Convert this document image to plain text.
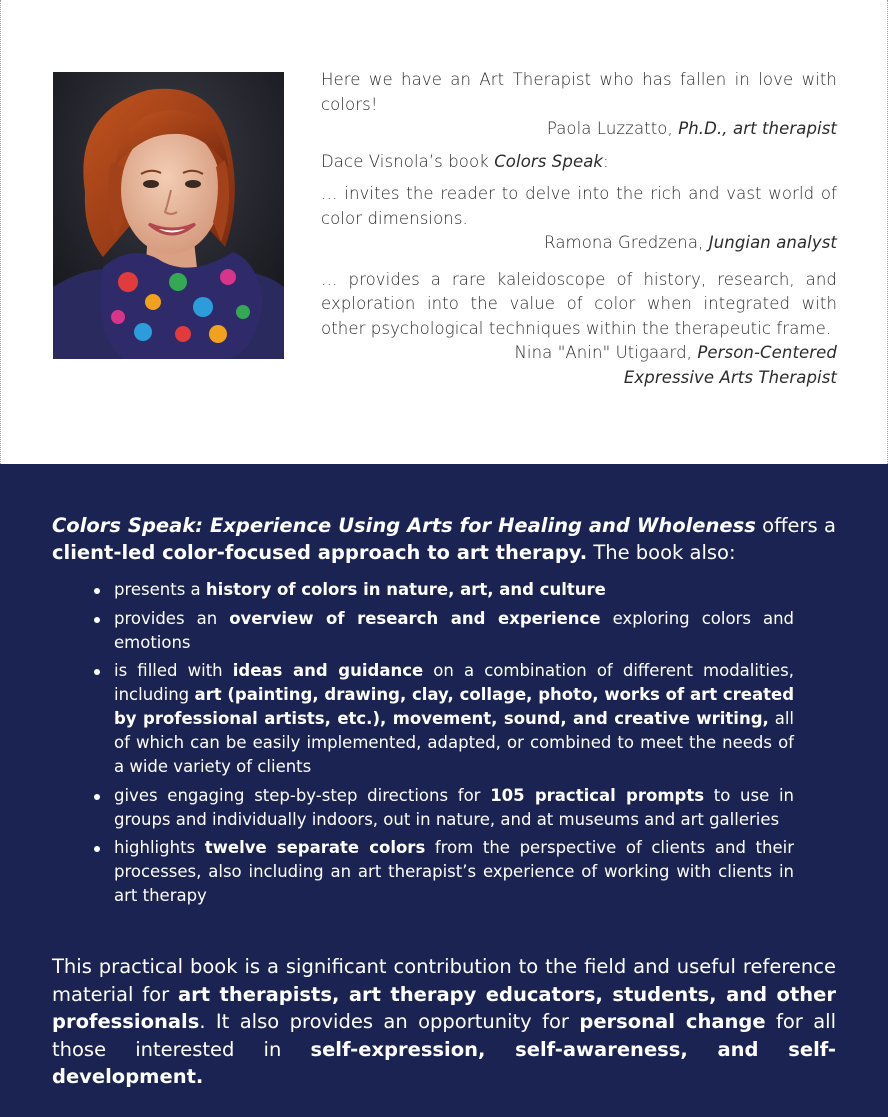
Here we have an Art Therapist who has fallen in love with colors!

Paola Luzzatto, Ph.D., art therapist

Dace Visnola’s book Colors Speak:

… invites the reader to delve into the rich and vast world of color dimensions.

Ramona Gredzena, Jungian analyst

… provides a rare kaleidoscope of history, research, and exploration into the value of color when integrated with other psychological techniques within the therapeutic frame.

Nina "Anin" Utigaard, Person-Centered

Expressive Arts Therapist

Colors Speak: Experience Using Arts for Healing and Wholeness offers a client-led color-focused approach to art therapy. The book also:

presents a history of colors in nature, art, and culture
provides an overview of research and experience exploring colors and emotions
is filled with ideas and guidance on a combination of different modalities, including art (painting, drawing, clay, collage, photo, works of art created by professional artists, etc.), movement, sound, and creative writing, all of which can be easily implemented, adapted, or combined to meet the needs of a wide variety of clients
gives engaging step-by-step directions for 105 practical prompts to use in groups and individually indoors, out in nature, and at museums and art galleries
highlights twelve separate colors from the perspective of clients and their processes, also including an art therapist’s experience of working with clients in art therapy

This practical book is a significant contribution to the field and useful reference material for art therapists, art therapy educators, students, and other professionals. It also provides an opportunity for personal change for all those interested in self-expression, self-awareness, and self-development.
